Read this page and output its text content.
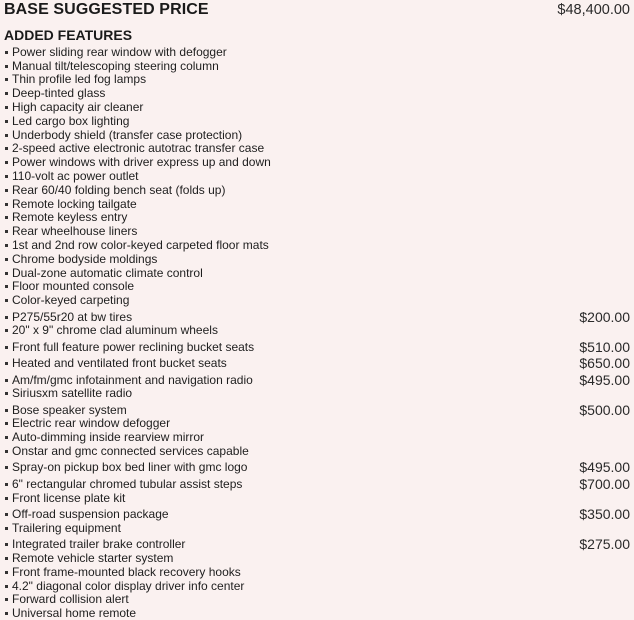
BASE SUGGESTED PRICE	$48,400.00
ADDED FEATURES
Power sliding rear window with defogger
Manual tilt/telescoping steering column
Thin profile led fog lamps
Deep-tinted glass
High capacity air cleaner
Led cargo box lighting
Underbody shield (transfer case protection)
2-speed active electronic autotrac transfer case
Power windows with driver express up and down
110-volt ac power outlet
Rear 60/40 folding bench seat (folds up)
Remote locking tailgate
Remote keyless entry
Rear wheelhouse liners
1st and 2nd row color-keyed carpeted floor mats
Chrome bodyside moldings
Dual-zone automatic climate control
Floor mounted console
Color-keyed carpeting
P275/55r20 at bw tires	$200.00
20" x 9" chrome clad aluminum wheels
Front full feature power reclining bucket seats	$510.00
Heated and ventilated front bucket seats	$650.00
Am/fm/gmc infotainment and navigation radio	$495.00
Siriusxm satellite radio
Bose speaker system	$500.00
Electric rear window defogger
Auto-dimming inside rearview mirror
Onstar and gmc connected services capable
Spray-on pickup box bed liner with gmc logo	$495.00
6" rectangular chromed tubular assist steps	$700.00
Front license plate kit
Off-road suspension package	$350.00
Trailering equipment
Integrated trailer brake controller	$275.00
Remote vehicle starter system
Front frame-mounted black recovery hooks
4.2" diagonal color display driver info center
Forward collision alert
Universal home remote
